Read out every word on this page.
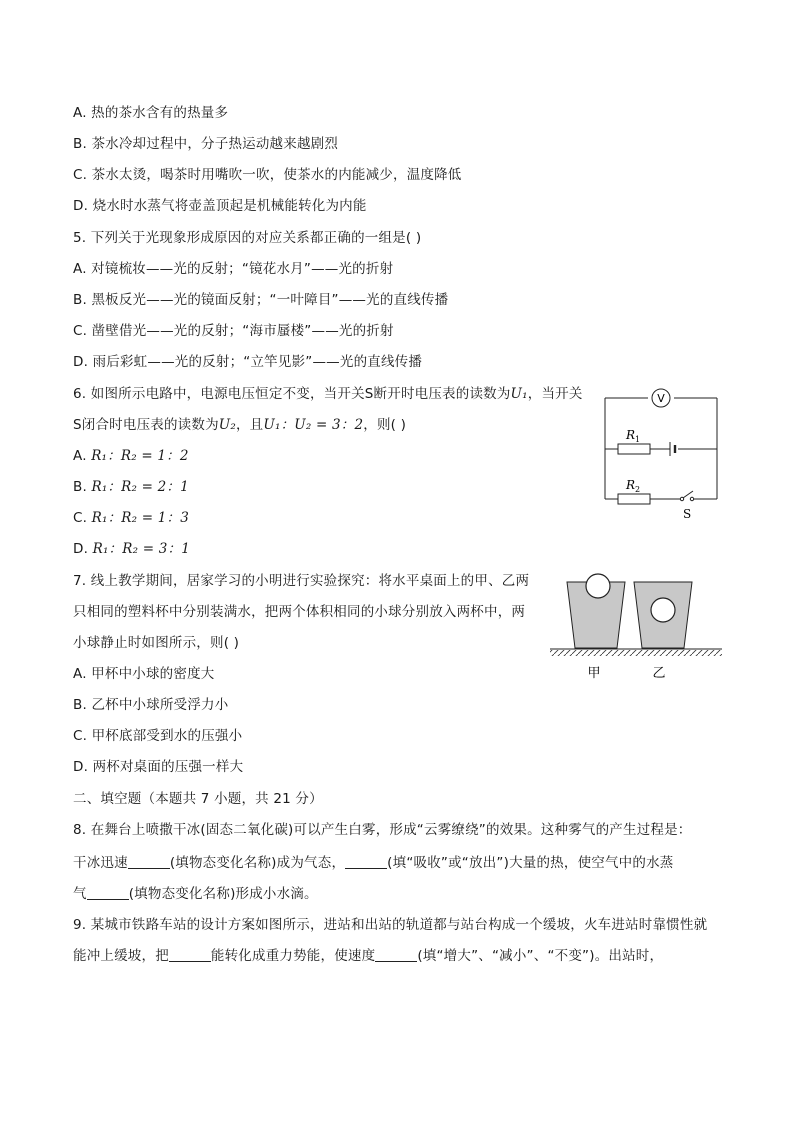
A. 热的茶水含有的热量多
B. 茶水冷却过程中，分子热运动越来越剧烈
C. 茶水太烫，喝茶时用嘴吹一吹，使茶水的内能减少，温度降低
D. 烧水时水蒸气将壶盖顶起是机械能转化为内能
5. 下列关于光现象形成原因的对应关系都正确的一组是( )
A. 对镜梳妆——光的反射；“镜花水月”——光的折射
B. 黑板反光——光的镜面反射；“一叶障目”——光的直线传播
C. 凿壁借光——光的反射；“海市蜃楼”——光的折射
D. 雨后彩虹——光的反射；“立竿见影”——光的直线传播
6. 如图所示电路中，电源电压恒定不变，当开关S断开时电压表的读数为U₁，当开关
S闭合时电压表的读数为U₂，且U₁：U₂ = 3：2，则( )
A. R₁：R₂ = 1：2
B. R₁：R₂ = 2：1
C. R₁：R₂ = 1：3
D. R₁：R₂ = 3：1
V
$R_1$
$R_2$
S
7. 线上教学期间，居家学习的小明进行实验探究：将水平桌面上的甲、乙两
只相同的塑料杯中分别装满水，把两个体积相同的小球分别放入两杯中，两
小球静止时如图所示，则( )
A. 甲杯中小球的密度大
B. 乙杯中小球所受浮力小
C. 甲杯底部受到水的压强小
D. 两杯对桌面的压强一样大
甲	乙
二、填空题（本题共 7 小题，共 21 分）
8. 在舞台上喷撒干冰(固态二氧化碳)可以产生白雾，形成“云雾缭绕”的效果。这种雾气的产生过程是：
干冰迅速	(填物态变化名称)成为气态，	(填“吸收”或“放出”)大量的热，使空气中的水蒸
气	(填物态变化名称)形成小水滴。
9. 某城市铁路车站的设计方案如图所示，进站和出站的轨道都与站台构成一个缓坡，火车进站时靠惯性就
能冲上缓坡，把	能转化成重力势能，使速度	(填“增大”、“减小”、“不变”)。出站时，
